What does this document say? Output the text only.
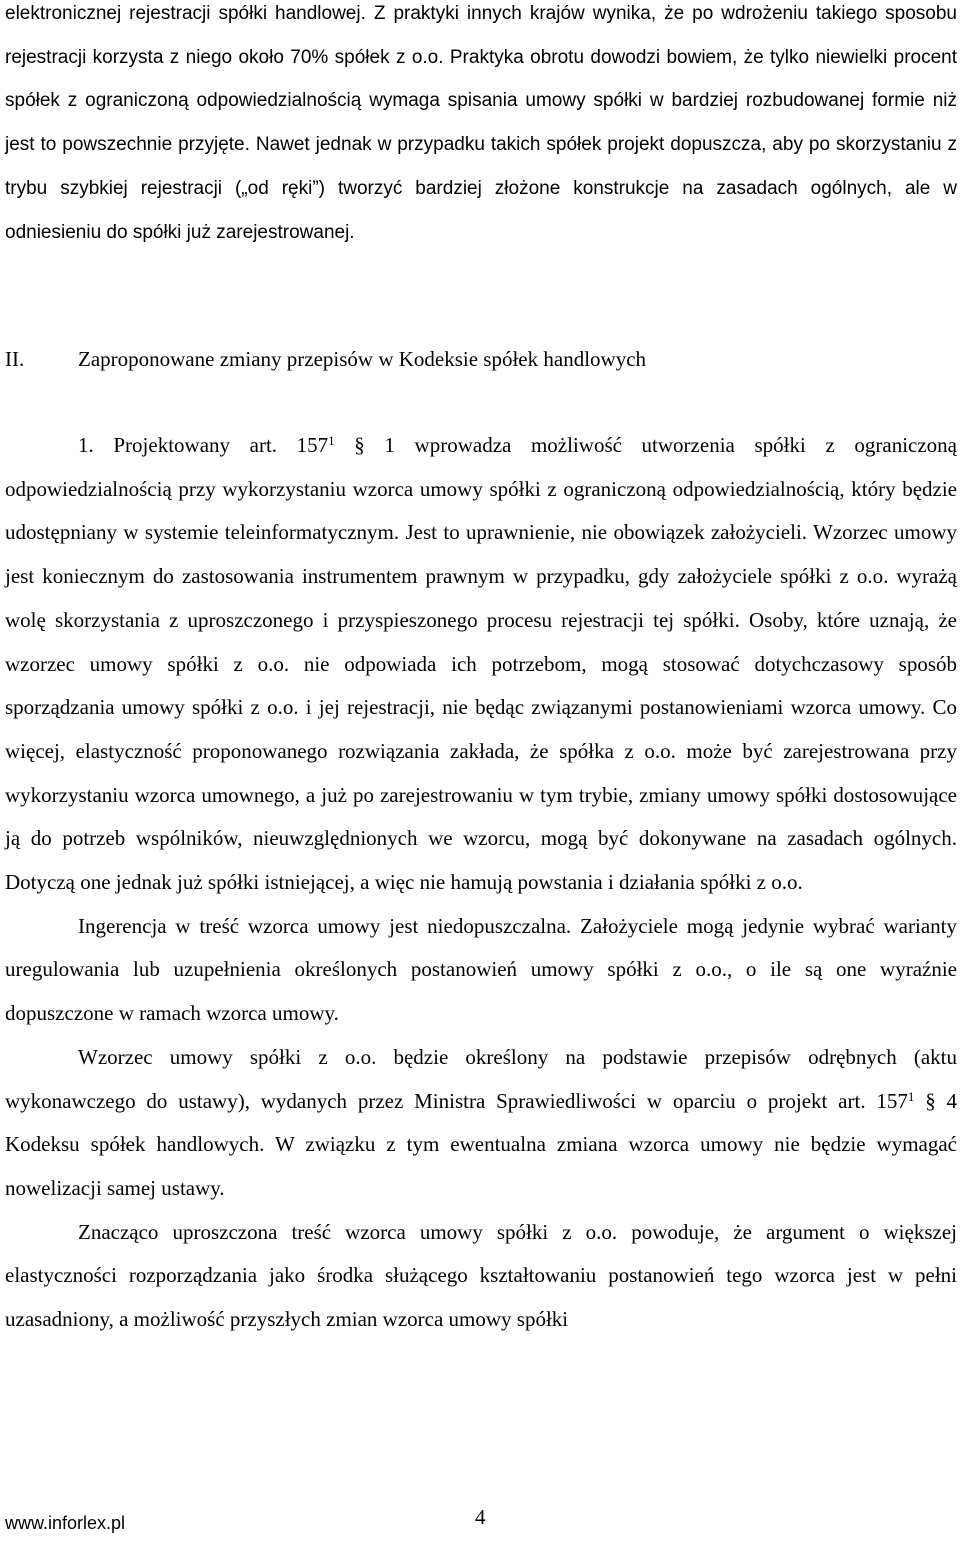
elektronicznej rejestracji spółki handlowej. Z praktyki innych krajów wynika, że po wdrożeniu takiego sposobu rejestracji korzysta z niego około 70% spółek z o.o. Praktyka obrotu dowodzi bowiem, że tylko niewielki procent spółek z ograniczoną odpowiedzialnością wymaga spisania umowy spółki w bardziej rozbudowanej formie niż jest to powszechnie przyjęte. Nawet jednak w przypadku takich spółek projekt dopuszcza, aby po skorzystaniu z trybu szybkiej rejestracji („od ręki”) tworzyć bardziej złożone konstrukcje na zasadach ogólnych, ale w odniesieniu do spółki już zarejestrowanej.

II.	Zaproponowane zmiany przepisów w Kodeksie spółek handlowych

1. Projektowany art. $157^1$ § 1 wprowadza możliwość utworzenia spółki z ograniczoną odpowiedzialnością przy wykorzystaniu wzorca umowy spółki z ograniczoną odpowiedzialnością, który będzie udostępniany w systemie teleinformatycznym. Jest to uprawnienie, nie obowiązek założycieli. Wzorzec umowy jest koniecznym do zastosowania instrumentem prawnym w przypadku, gdy założyciele spółki z o.o. wyrażą wolę skorzystania z uproszczonego i przyspieszonego procesu rejestracji tej spółki. Osoby, które uznają, że wzorzec umowy spółki z o.o. nie odpowiada ich potrzebom, mogą stosować dotychczasowy sposób sporządzania umowy spółki z o.o. i jej rejestracji, nie będąc związanymi postanowieniami wzorca umowy. Co więcej, elastyczność proponowanego rozwiązania zakłada, że spółka z o.o. może być zarejestrowana przy wykorzystaniu wzorca umownego, a już po zarejestrowaniu w tym trybie, zmiany umowy spółki dostosowujące ją do potrzeb wspólników, nieuwzględnionych we wzorcu, mogą być dokonywane na zasadach ogólnych. Dotyczą one jednak już spółki istniejącej, a więc nie hamują powstania i działania spółki z o.o.

Ingerencja w treść wzorca umowy jest niedopuszczalna. Założyciele mogą jedynie wybrać warianty uregulowania lub uzupełnienia określonych postanowień umowy spółki z o.o., o ile są one wyraźnie dopuszczone w ramach wzorca umowy.

Wzorzec umowy spółki z o.o. będzie określony na podstawie przepisów odrębnych (aktu wykonawczego do ustawy), wydanych przez Ministra Sprawiedliwości w oparciu o projekt art. $157^1$ § 4 Kodeksu spółek handlowych. W związku z tym ewentualna zmiana wzorca umowy nie będzie wymagać nowelizacji samej ustawy.

Znacząco uproszczona treść wzorca umowy spółki z o.o. powoduje, że argument o większej elastyczności rozporządzania jako środka służącego kształtowaniu postanowień tego wzorca jest w pełni uzasadniony, a możliwość przyszłych zmian wzorca umowy spółki

www.inforlex.pl	4
